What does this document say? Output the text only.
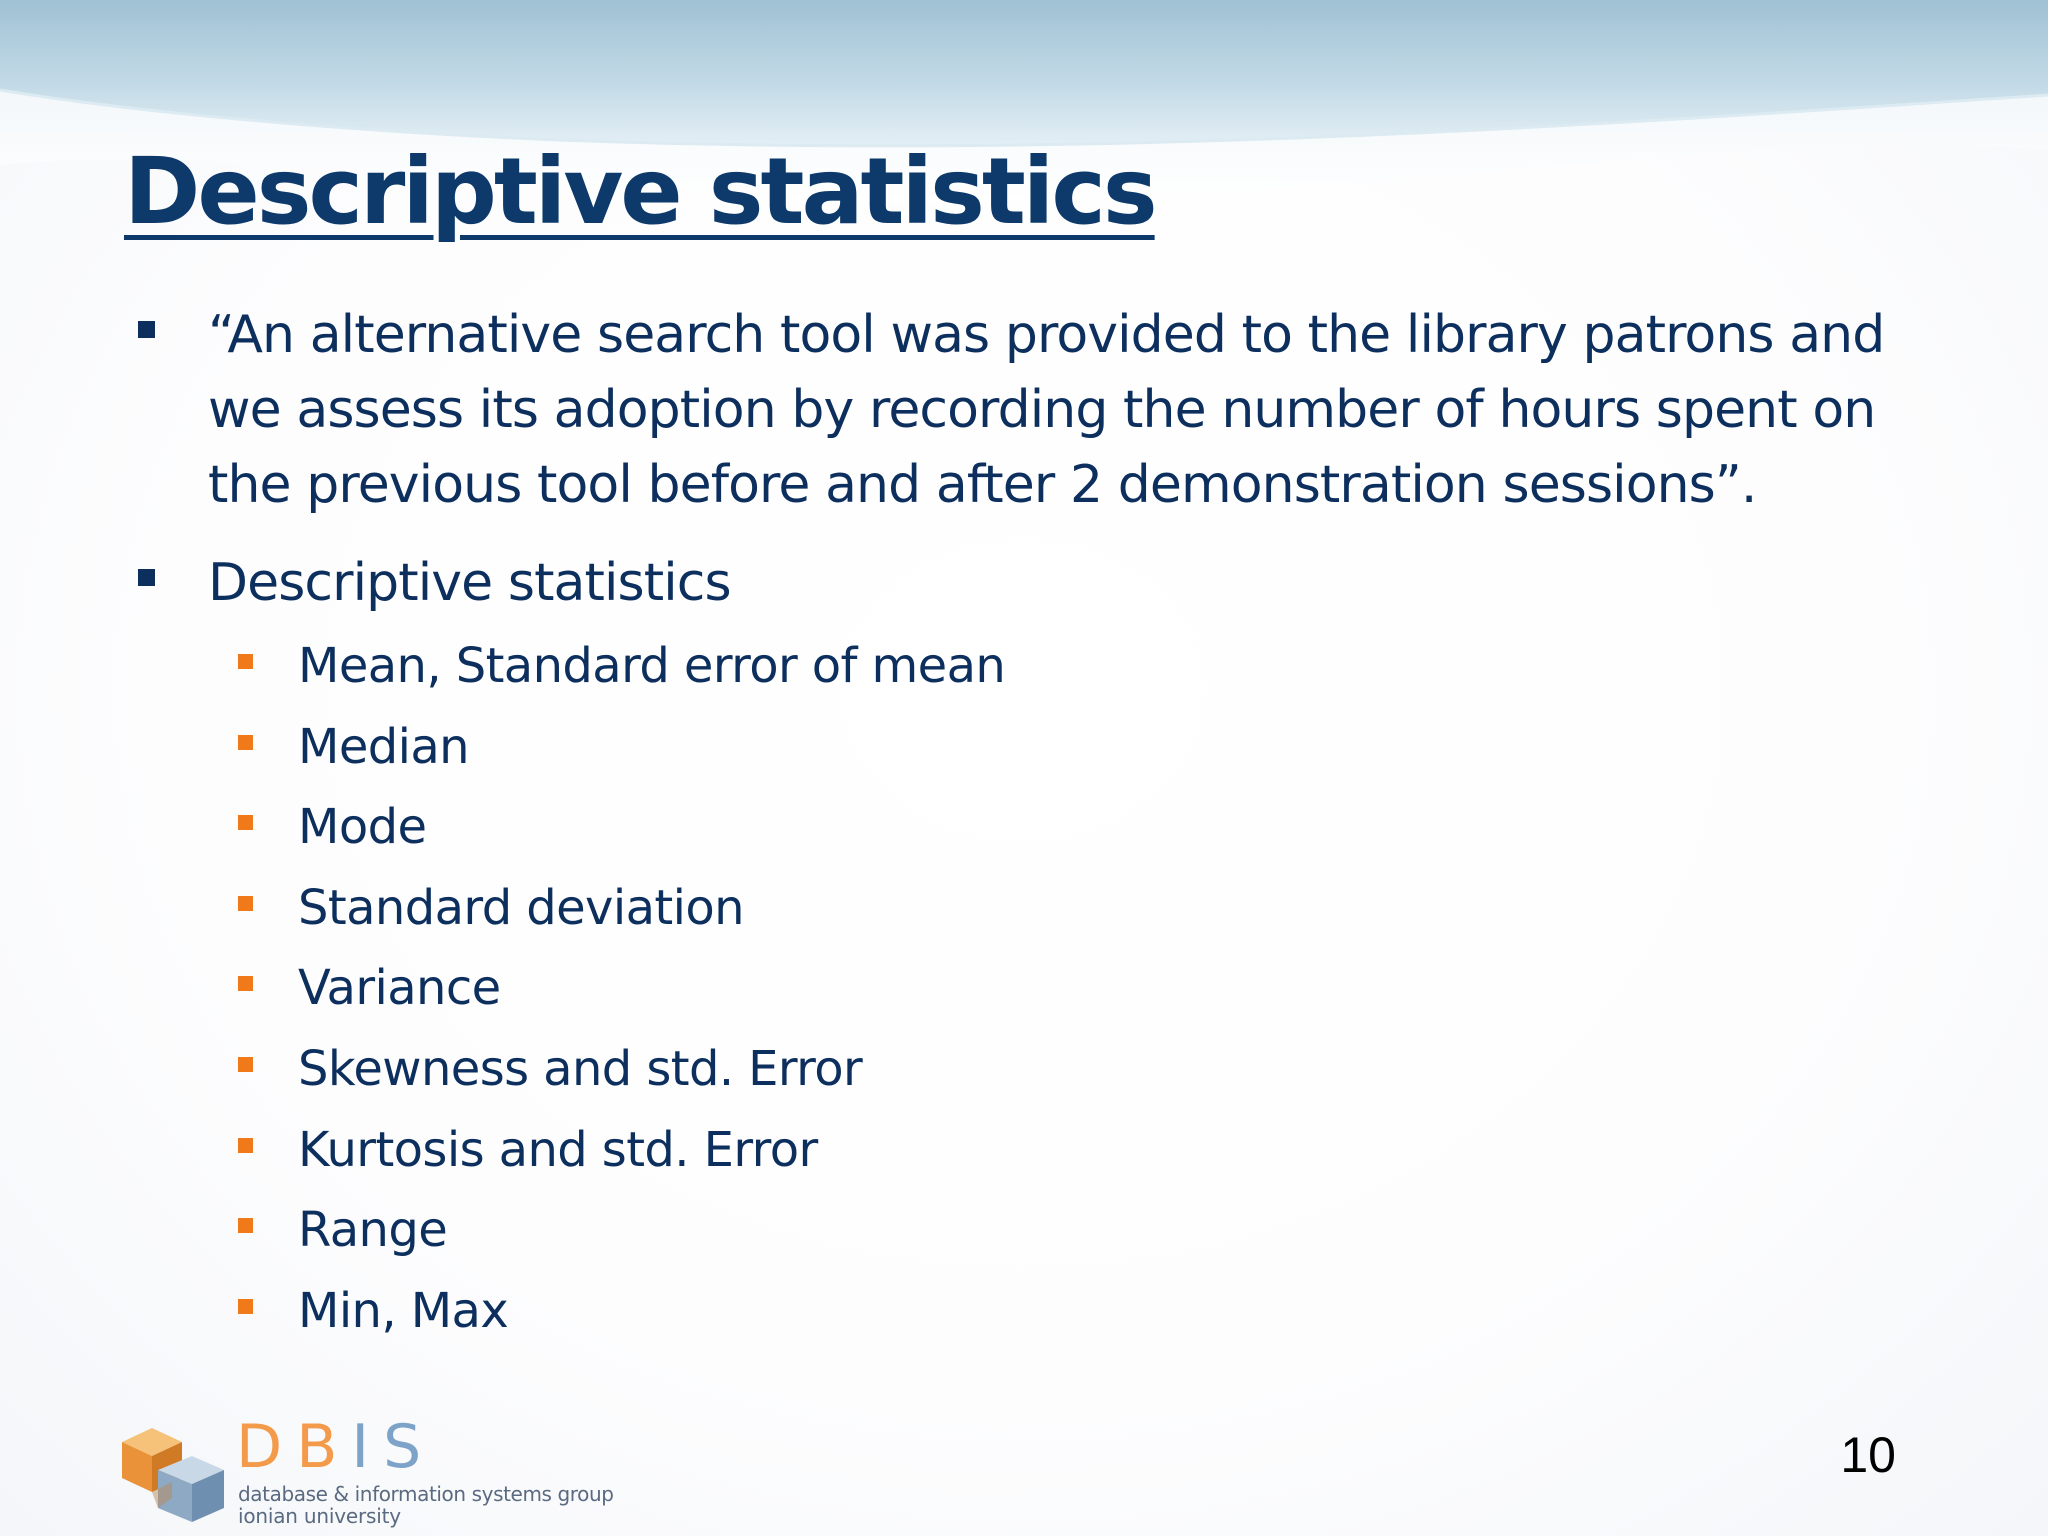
Descriptive statistics
“An alternative search tool was provided to the library patrons and we assess its adoption by recording the number of hours spent on the previous tool before and after 2 demonstration sessions”.
Descriptive statistics
Mean, Standard error of mean
Median
Mode
Standard deviation
Variance
Skewness and std. Error
Kurtosis and std. Error
Range
Min, Max
DBIS
database & information systems group
ionian university
10
